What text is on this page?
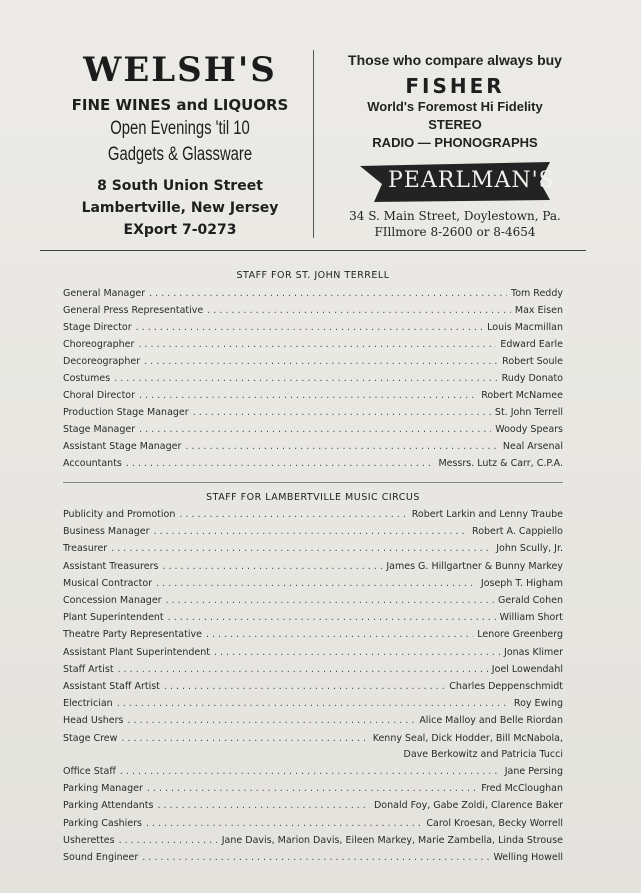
WELSH'S
FINE WINES and LIQUORS
Open Evenings 'til 10
Gadgets & Glassware
8 South Union Street
Lambertville, New Jersey
EXport 7-0273
Those who compare always buy
FISHER
World's Foremost Hi Fidelity
STEREO
RADIO — PHONOGRAPHS
PEARLMAN'S
34 S. Main Street, Doylestown, Pa.
FIllmore 8-2600 or 8-4654
STAFF FOR ST. JOHN TERRELL
General Manager . . .	Tom Reddy
General Press Representative . . .	Max Eisen
Stage Director . . .	Louis Macmillan
Choreographer . . .	Edward Earle
Decoreographer . . .	Robert Soule
Costumes . . .	Rudy Donato
Choral Director . . .	Robert McNamee
Production Stage Manager . . .	St. John Terrell
Stage Manager . . .	Woody Spears
Assistant Stage Manager . . .	Neal Arsenal
Accountants . . .	Messrs. Lutz & Carr, C.P.A.
STAFF FOR LAMBERTVILLE MUSIC CIRCUS
Publicity and Promotion . . .	Robert Larkin and Lenny Traube
Business Manager . . .	Robert A. Cappiello
Treasurer . . .	John Scully, Jr.
Assistant Treasurers . . .	James G. Hillgartner & Bunny Markey
Musical Contractor . . .	Joseph T. Higham
Concession Manager . . .	Gerald Cohen
Plant Superintendent . . .	William Short
Theatre Party Representative . . .	Lenore Greenberg
Assistant Plant Superintendent . . .	Jonas Klimer
Staff Artist . . .	Joel Lowendahl
Assistant Staff Artist . . .	Charles Deppenschmidt
Electrician . . .	Roy Ewing
Head Ushers . . .	Alice Malloy and Belle Riordan
Stage Crew . . .	Kenny Seal, Dick Hodder, Bill McNabola,
Dave Berkowitz and Patricia Tucci
Office Staff . . .	Jane Persing
Parking Manager . . .	Fred McCloughan
Parking Attendants . . .	Donald Foy, Gabe Zoldi, Clarence Baker
Parking Cashiers . . .	Carol Kroesan, Becky Worrell
Usherettes . . .	Jane Davis, Marion Davis, Eileen Markey, Marie Zambella, Linda Strouse
Sound Engineer . . .	Welling Howell
